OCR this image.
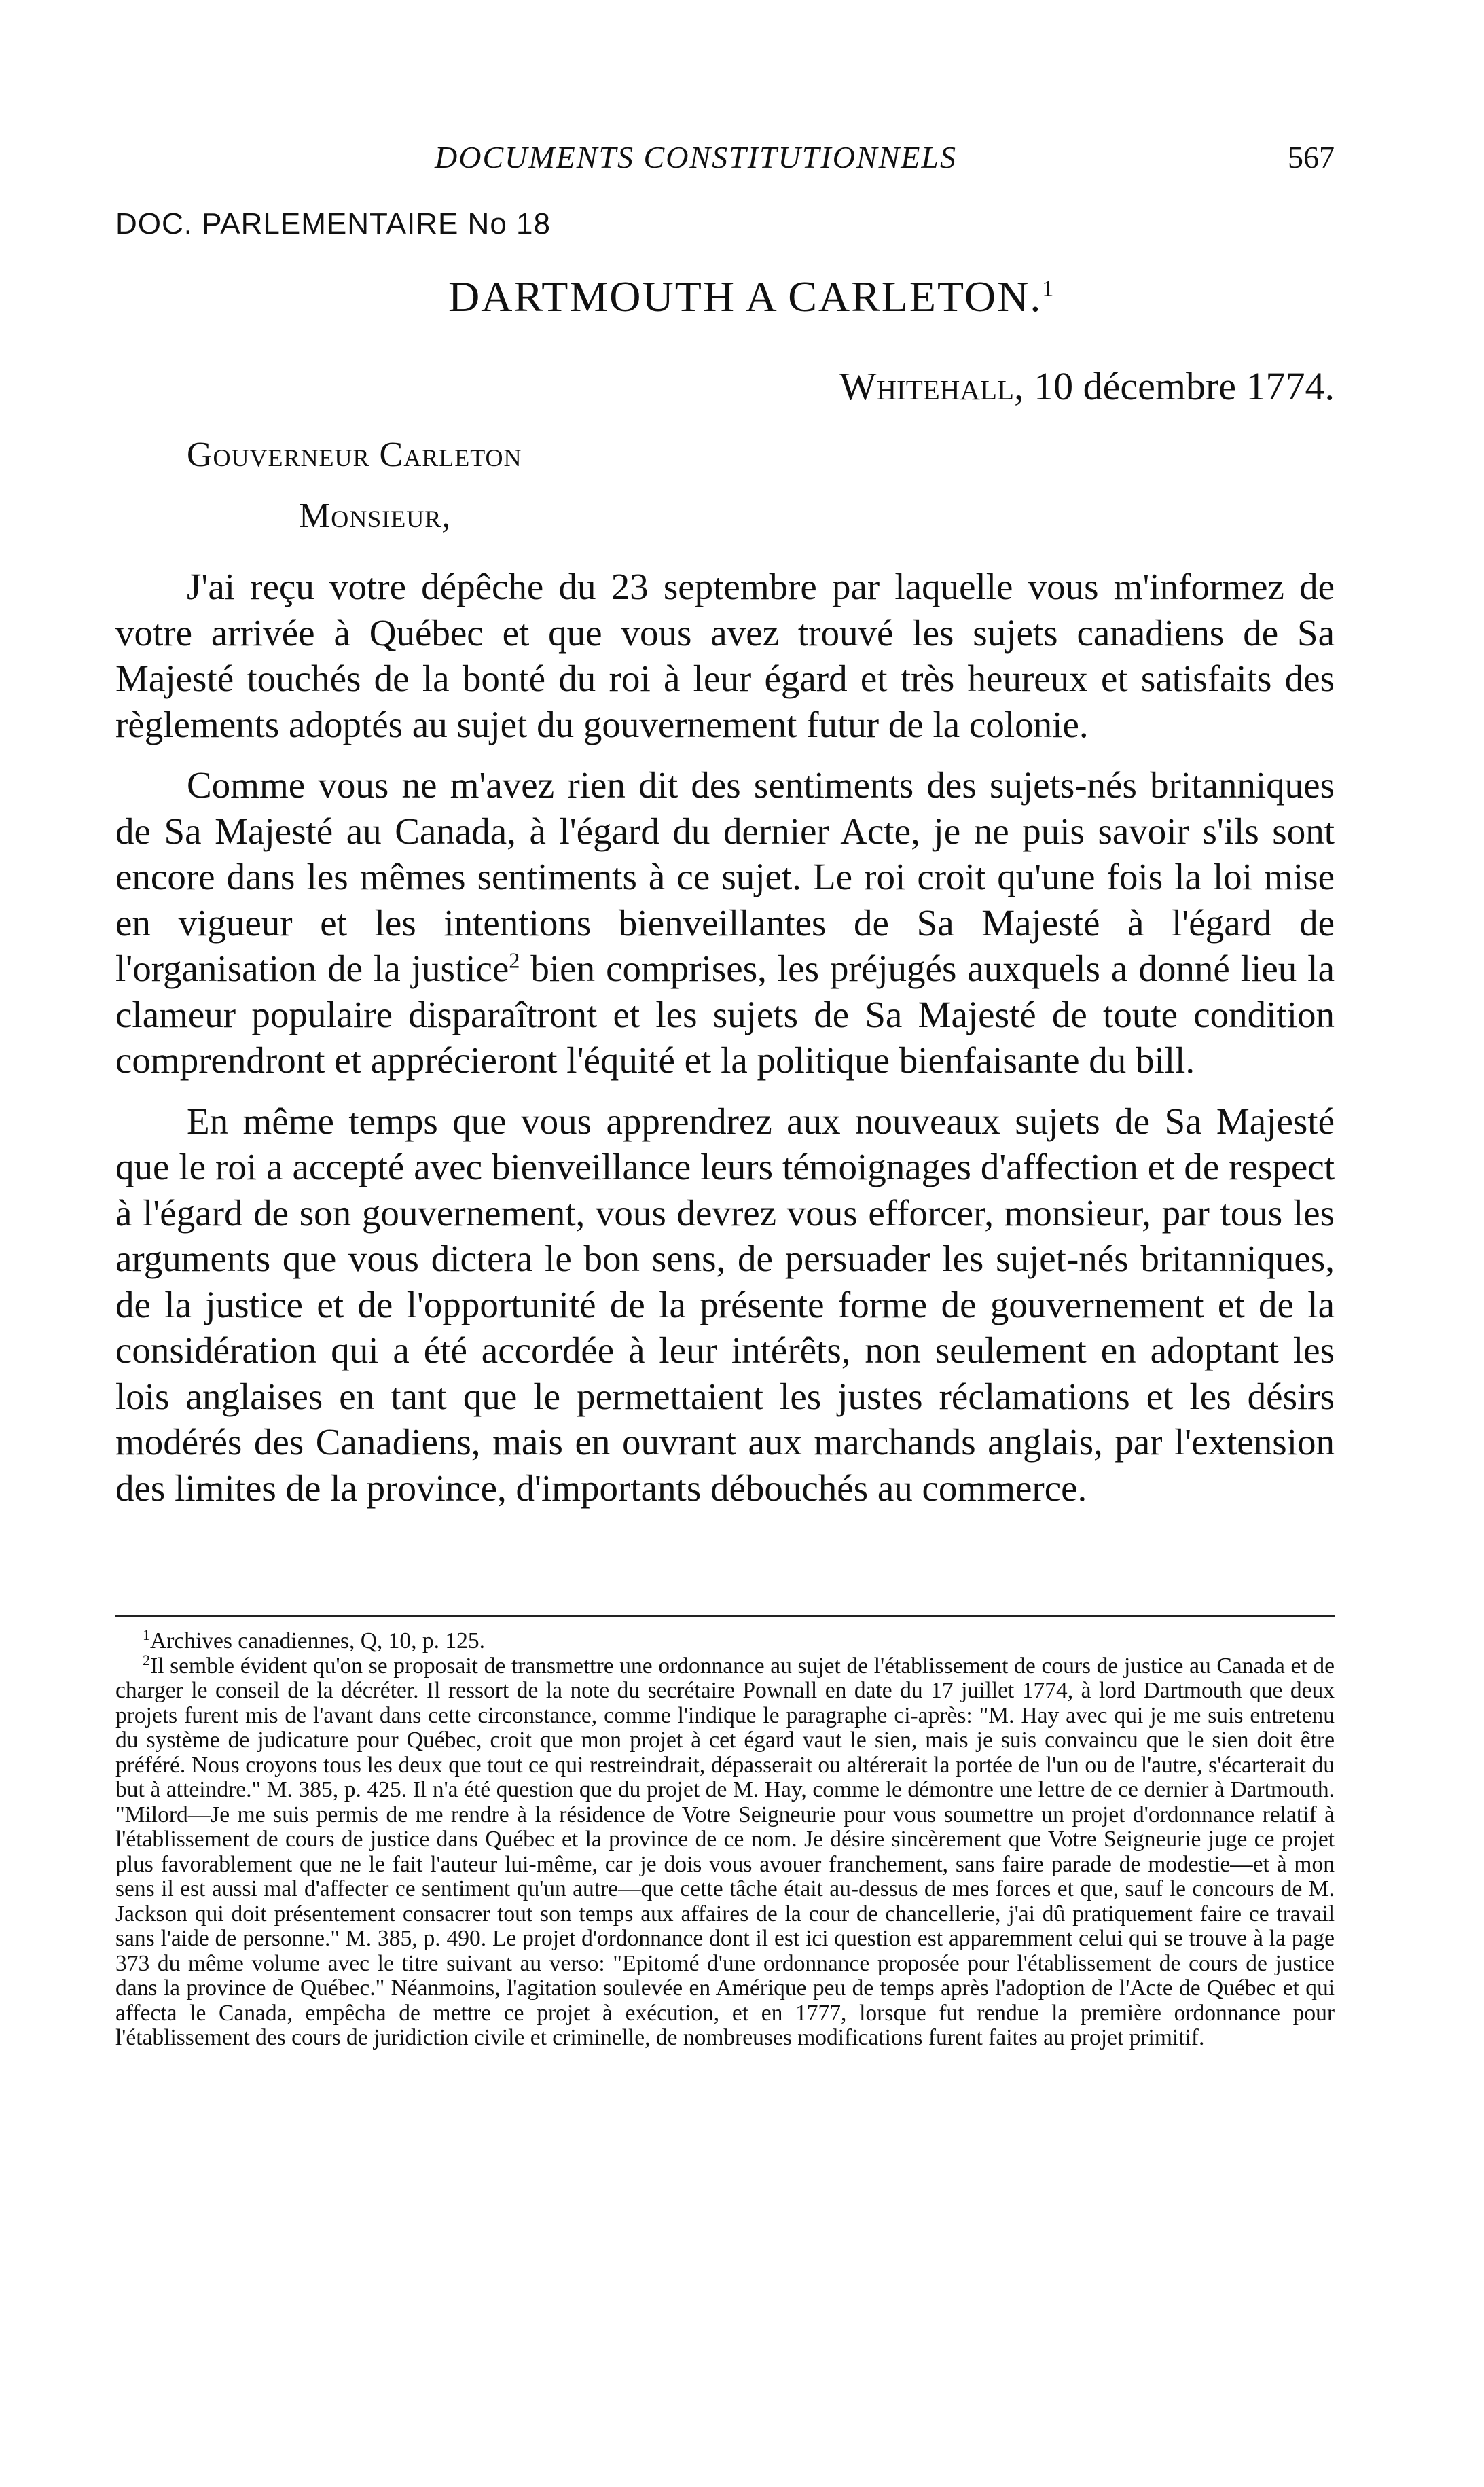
DOCUMENTS CONSTITUTIONNELS	567
DOC. PARLEMENTAIRE No 18
DARTMOUTH A CARLETON.$^1$
Whitehall, 10 décembre 1774.
Gouverneur Carleton
Monsieur,

J'ai reçu votre dépêche du 23 septembre par laquelle vous m'informez de votre arrivée à Québec et que vous avez trouvé les sujets canadiens de Sa Majesté touchés de la bonté du roi à leur égard et très heureux et satisfaits des règlements adoptés au sujet du gouvernement futur de la colonie.

Comme vous ne m'avez rien dit des sentiments des sujets-nés britanniques de Sa Majesté au Canada, à l'égard du dernier Acte, je ne puis savoir s'ils sont encore dans les mêmes sentiments à ce sujet. Le roi croit qu'une fois la loi mise en vigueur et les intentions bienveillantes de Sa Majesté à l'égard de l'organisation de la justice$^2$ bien comprises, les préjugés auxquels a donné lieu la clameur populaire disparaîtront et les sujets de Sa Majesté de toute condition comprendront et apprécieront l'équité et la politique bienfaisante du bill.

En même temps que vous apprendrez aux nouveaux sujets de Sa Majesté que le roi a accepté avec bienveillance leurs témoignages d'affection et de respect à l'égard de son gouvernement, vous devrez vous efforcer, monsieur, par tous les arguments que vous dictera le bon sens, de persuader les sujet-nés britanniques, de la justice et de l'opportunité de la présente forme de gouvernement et de la considération qui a été accordée à leur intérêts, non seulement en adoptant les lois anglaises en tant que le permettaient les justes réclamations et les désirs modérés des Canadiens, mais en ouvrant aux marchands anglais, par l'extension des limites de la province, d'importants débouchés au commerce.

$^1$Archives canadiennes, Q, 10, p. 125.

$^2$Il semble évident qu'on se proposait de transmettre une ordonnance au sujet de l'établissement de cours de justice au Canada et de charger le conseil de la décréter. Il ressort de la note du secrétaire Pownall en date du 17 juillet 1774, à lord Dartmouth que deux projets furent mis de l'avant dans cette circonstance, comme l'indique le paragraphe ci-après: "M. Hay avec qui je me suis entretenu du système de judicature pour Québec, croit que mon projet à cet égard vaut le sien, mais je suis convaincu que le sien doit être préféré. Nous croyons tous les deux que tout ce qui restreindrait, dépasserait ou altérerait la portée de l'un ou de l'autre, s'écarterait du but à atteindre." M. 385, p. 425. Il n'a été question que du projet de M. Hay, comme le démontre une lettre de ce dernier à Dartmouth. "Milord—Je me suis permis de me rendre à la résidence de Votre Seigneurie pour vous soumettre un projet d'ordonnance relatif à l'établissement de cours de justice dans Québec et la province de ce nom. Je désire sincèrement que Votre Seigneurie juge ce projet plus favorablement que ne le fait l'auteur lui-même, car je dois vous avouer franchement, sans faire parade de modestie—et à mon sens il est aussi mal d'affecter ce sentiment qu'un autre—que cette tâche était au-dessus de mes forces et que, sauf le concours de M. Jackson qui doit présentement consacrer tout son temps aux affaires de la cour de chancellerie, j'ai dû pratiquement faire ce travail sans l'aide de personne." M. 385, p. 490. Le projet d'ordonnance dont il est ici question est apparemment celui qui se trouve à la page 373 du même volume avec le titre suivant au verso: "Epitomé d'une ordonnance proposée pour l'établissement de cours de justice dans la province de Québec." Néanmoins, l'agitation soulevée en Amérique peu de temps après l'adoption de l'Acte de Québec et qui affecta le Canada, empêcha de mettre ce projet à exécution, et en 1777, lorsque fut rendue la première ordonnance pour l'établissement des cours de juridiction civile et criminelle, de nombreuses modifications furent faites au projet primitif.
